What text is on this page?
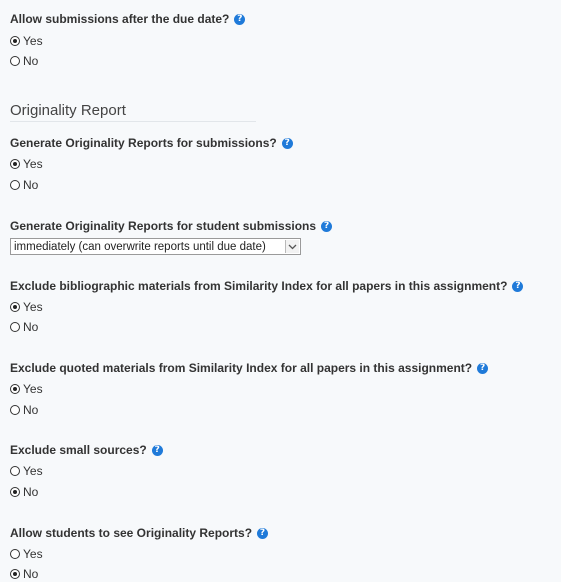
Allow submissions after the due date? ?
Yes
No
Originality Report
Generate Originality Reports for submissions? ?
Yes
No
Generate Originality Reports for student submissions ?
immediately (can overwrite reports until due date)
Exclude bibliographic materials from Similarity Index for all papers in this assignment? ?
Yes
No
Exclude quoted materials from Similarity Index for all papers in this assignment? ?
Yes
No
Exclude small sources? ?
Yes
No
Allow students to see Originality Reports? ?
Yes
No
